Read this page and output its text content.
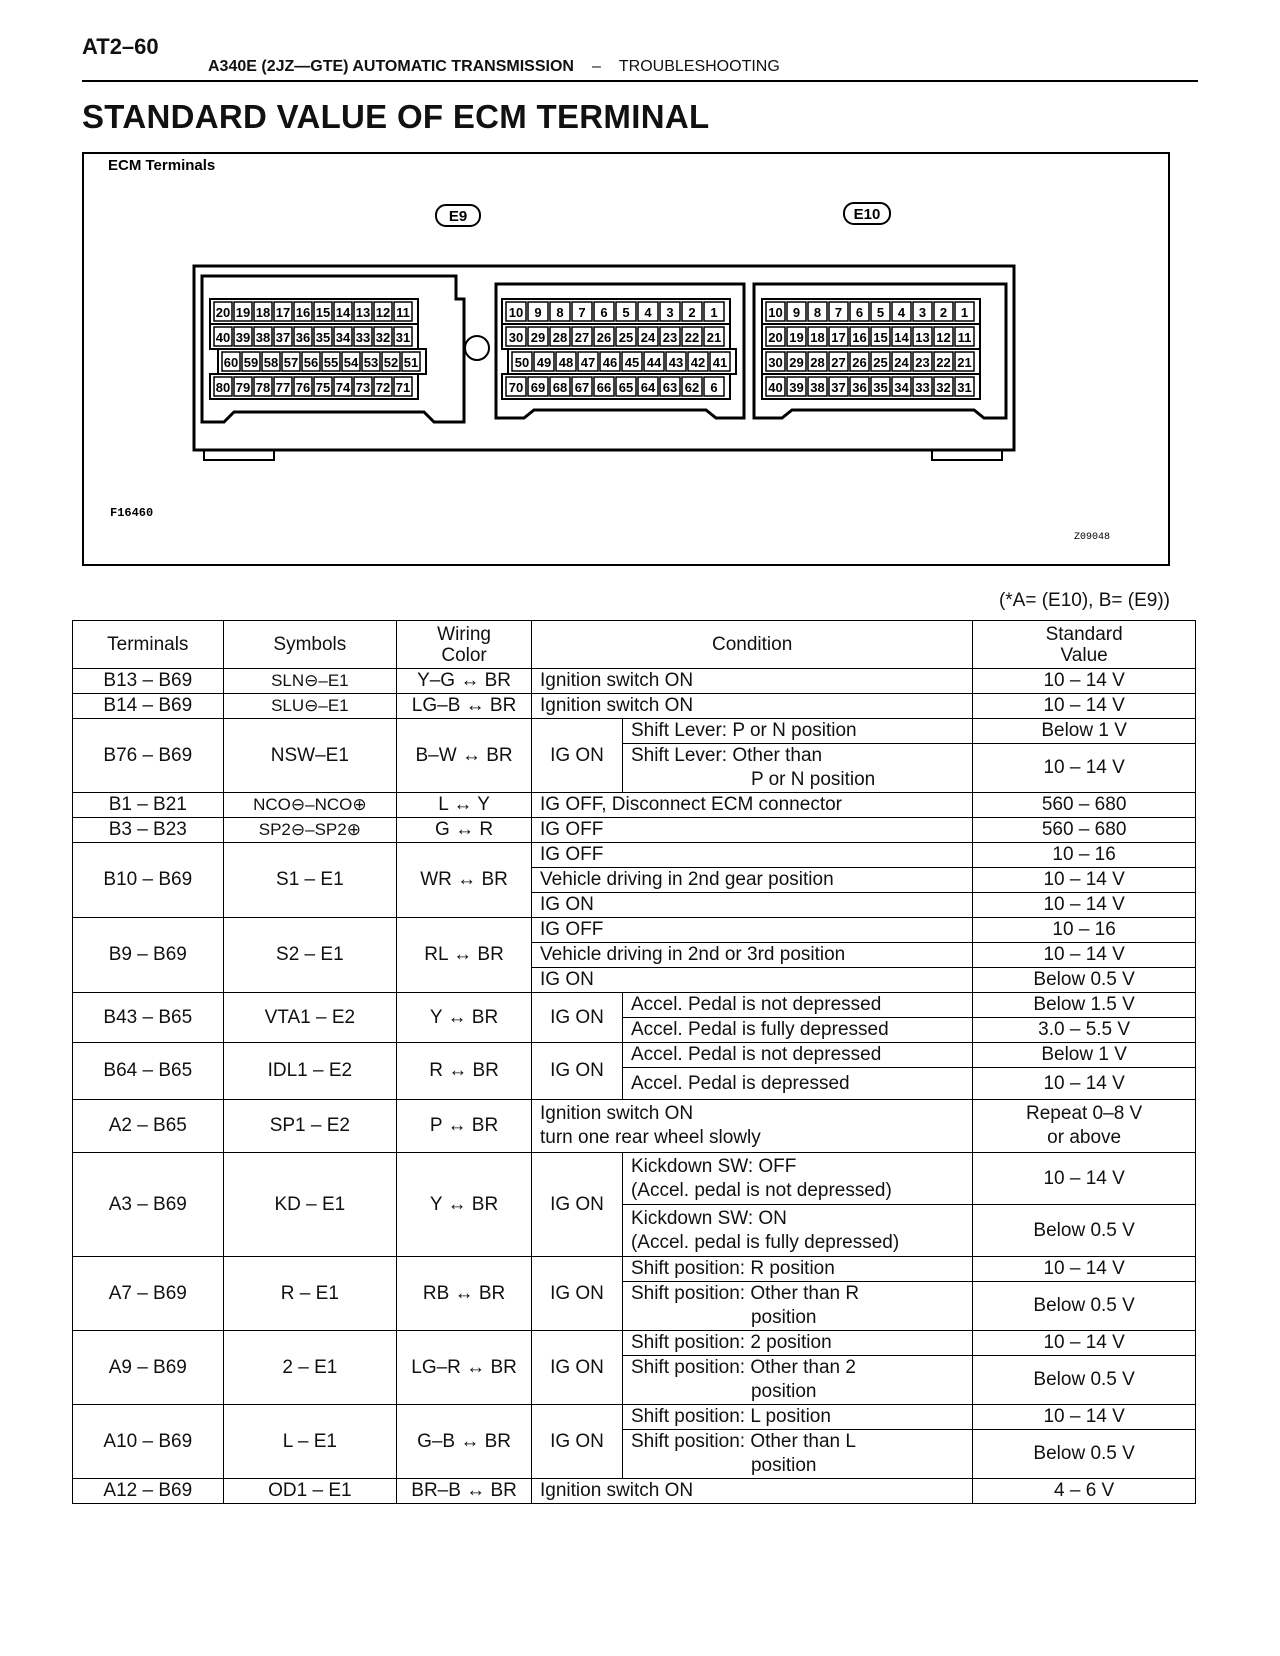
AT2–60
A340E (2JZ—GTE) AUTOMATIC TRANSMISSION – TROUBLESHOOTING
STANDARD VALUE OF ECM TERMINAL
ECM Terminals
E9	E10
20 19 18 17 16 15 14 13 12 11
40 39 38 37 36 35 34 33 32 31
60 59 58 57 56 55 54 53 52 51
80 79 78 77 76 75 74 73 72 71
10 9 8 7 6 5 4 3 2 1
30 29 28 27 26 25 24 23 22 21
50 49 48 47 46 45 44 43 42 41
70 69 68 67 66 65 64 63 62 6
10 9 8 7 6 5 4 3 2 1
20 19 18 17 16 15 14 13 12 11
30 29 28 27 26 25 24 23 22 21
40 39 38 37 36 35 34 33 32 31
F16460
Z09048
(*A= (E10), B= (E9))
Terminals	Symbols	Wiring
Color	Condition		Standard
Value
B13 – B69	SLN⊖–E1	Y–G ↔ BR	Ignition switch ON		10 – 14 V
B14 – B69	SLU⊖–E1	LG–B ↔ BR	Ignition switch ON		10 – 14 V
B76 – B69	NSW–E1	B–W ↔ BR	IG ON	Shift Lever: P or N position	Below 1 V
				Shift Lever: Other than
P or N position	10 – 14 V
B1 – B21	NCO⊖–NCO⊕	L ↔ Y	IG OFF, Disconnect ECM connector		560 – 680
B3 – B23	SP2⊖–SP2⊕	G ↔ R	IG OFF		560 – 680
B10 – B69	S1 – E1	WR ↔ BR	IG OFF		10 – 16
			Vehicle driving in 2nd gear position		10 – 14 V
			IG ON		10 – 14 V
B9 – B69	S2 – E1	RL ↔ BR	IG OFF		10 – 16
			Vehicle driving in 2nd or 3rd position		10 – 14 V
			IG ON		Below 0.5 V
B43 – B65	VTA1 – E2	Y ↔ BR	IG ON	Accel. Pedal is not depressed	Below 1.5 V
				Accel. Pedal is fully depressed	3.0 – 5.5 V
B64 – B65	IDL1 – E2	R ↔ BR	IG ON	Accel. Pedal is not depressed	Below 1 V
				Accel. Pedal is depressed	10 – 14 V
A2 – B65	SP1 – E2	P ↔ BR	Ignition switch ON
turn one rear wheel slowly		Repeat 0–8 V
or above
A3 – B69	KD – E1	Y ↔ BR	IG ON	Kickdown SW: OFF
(Accel. pedal is not depressed)	10 – 14 V
				Kickdown SW: ON
(Accel. pedal is fully depressed)	Below 0.5 V
A7 – B69	R – E1	RB ↔ BR	IG ON	Shift position: R position	10 – 14 V
				Shift position: Other than R
position	Below 0.5 V
A9 – B69	2 – E1	LG–R ↔ BR	IG ON	Shift position: 2 position	10 – 14 V
				Shift position: Other than 2
position	Below 0.5 V
A10 – B69	L – E1	G–B ↔ BR	IG ON	Shift position: L position	10 – 14 V
				Shift position: Other than L
position	Below 0.5 V
A12 – B69	OD1 – E1	BR–B ↔ BR	Ignition switch ON		4 – 6 V
